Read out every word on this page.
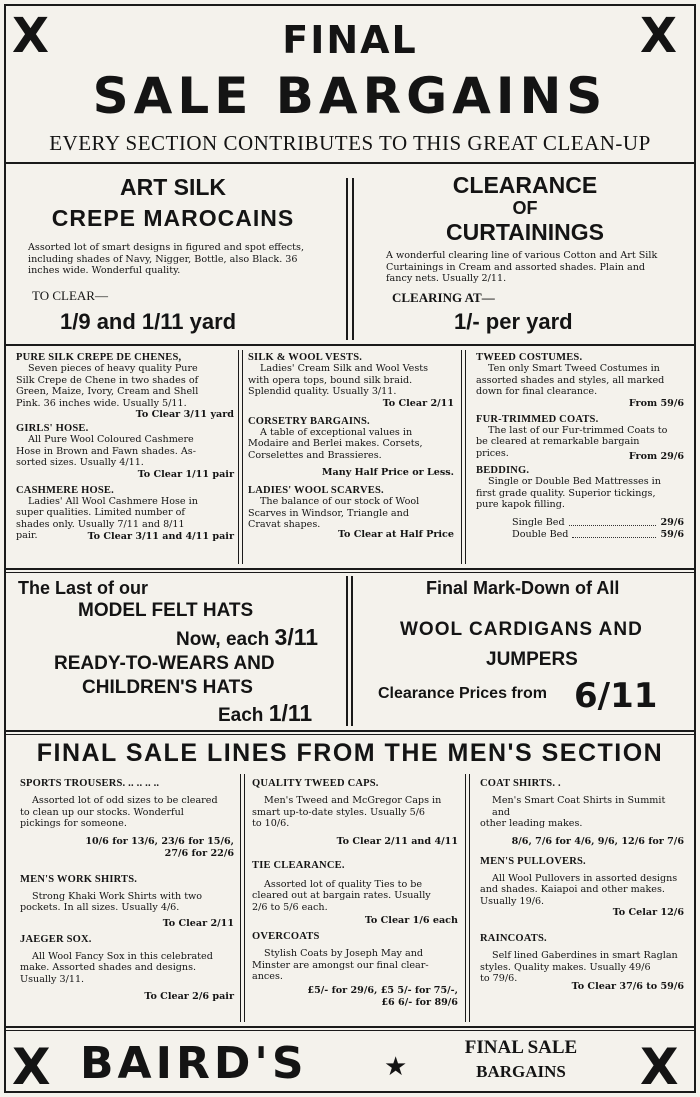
X	X
FINAL
SALE BARGAINS
EVERY SECTION CONTRIBUTES TO THIS GREAT CLEAN-UP
ART SILK
CREPE MAROCAINS
Assorted lot of smart designs in figured and spot effects,
including shades of Navy, Nigger, Bottle, also Black. 36
inches wide. Wonderful quality.
TO CLEAR—
1/9 and 1/11 yard
CLEARANCE
OF
CURTAININGS
A wonderful clearing line of various Cotton and Art Silk
Curtainings in Cream and assorted shades. Plain and
fancy nets. Usually 2/11.
CLEARING AT—
1/- per yard
PURE SILK CREPE DE CHENES,
Seven pieces of heavy quality Pure
Silk Crepe de Chene in two shades of
Green, Maize, Ivory, Cream and Shell
Pink. 36 inches wide. Usually 5/11.
To Clear 3/11 yard
GIRLS' HOSE.
All Pure Wool Coloured Cashmere
Hose in Brown and Fawn shades. As-
sorted sizes. Usually 4/11.
To Clear 1/11 pair
CASHMERE HOSE.
Ladies' All Wool Cashmere Hose in
super qualities. Limited number of
shades only. Usually 7/11 and 8/11
pair.	To Clear 3/11 and 4/11 pair
SILK & WOOL VESTS.
Ladies' Cream Silk and Wool Vests
with opera tops, bound silk braid.
Splendid quality. Usually 3/11.
To Clear 2/11
CORSETRY BARGAINS.
A table of exceptional values in
Modaire and Berlei makes. Corsets,
Corselettes and Brassieres.
Many Half Price or Less.
LADIES' WOOL SCARVES.
The balance of our stock of Wool
Scarves in Windsor, Triangle and
Cravat shapes.
To Clear at Half Price
TWEED COSTUMES.
Ten only Smart Tweed Costumes in
assorted shades and styles, all marked
down for final clearance.
From 59/6
FUR-TRIMMED COATS.
The last of our Fur-trimmed Coats to
be cleared at remarkable bargain
prices.	From 29/6
BEDDING.
Single or Double Bed Mattresses in
first grade quality. Superior tickings,
pure kapok filling.
Single Bed	29/6
Double Bed	59/6
The Last of our
MODEL FELT HATS
Now, each 3/11
READY-TO-WEARS AND
CHILDREN'S HATS
Each 1/11
Final Mark-Down of All
WOOL CARDIGANS AND
JUMPERS
Clearance Prices from 6/11
FINAL SALE LINES FROM THE MEN'S SECTION
SPORTS TROUSERS. .. .. .. ..
Assorted lot of odd sizes to be cleared
to clean up our stocks. Wonderful
pickings for someone.
10/6 for 13/6, 23/6 for 15/6,
27/6 for 22/6
MEN'S WORK SHIRTS.
Strong Khaki Work Shirts with two
pockets. In all sizes. Usually 4/6.
To Clear 2/11
JAEGER SOX.
All Wool Fancy Sox in this celebrated
make. Assorted shades and designs.
Usually 3/11.
To Clear 2/6 pair
QUALITY TWEED CAPS.
Men's Tweed and McGregor Caps in
smart up-to-date styles. Usually 5/6
to 10/6.
To Clear 2/11 and 4/11
TIE CLEARANCE.
Assorted lot of quality Ties to be
cleared out at bargain rates. Usually
2/6 to 5/6 each.
To Clear 1/6 each
OVERCOATS
Stylish Coats by Joseph May and
Minster are amongst our final clear-
ances.
£5/- for 29/6, £5 5/- for 75/-,
£6 6/- for 89/6
COAT SHIRTS. .
Men's Smart Coat Shirts in Summit and
other leading makes.
8/6, 7/6 for 4/6, 9/6, 12/6 for 7/6
MEN'S PULLOVERS.
All Wool Pullovers in assorted designs
and shades. Kaiapoi and other makes.
Usually 19/6.
To Celar 12/6
RAINCOATS.
Self lined Gaberdines in smart Raglan
styles. Quality makes. Usually 49/6
to 79/6.
To Clear 37/6 to 59/6
X BAIRD'S	★
FINAL SALE
BARGAINS	X
